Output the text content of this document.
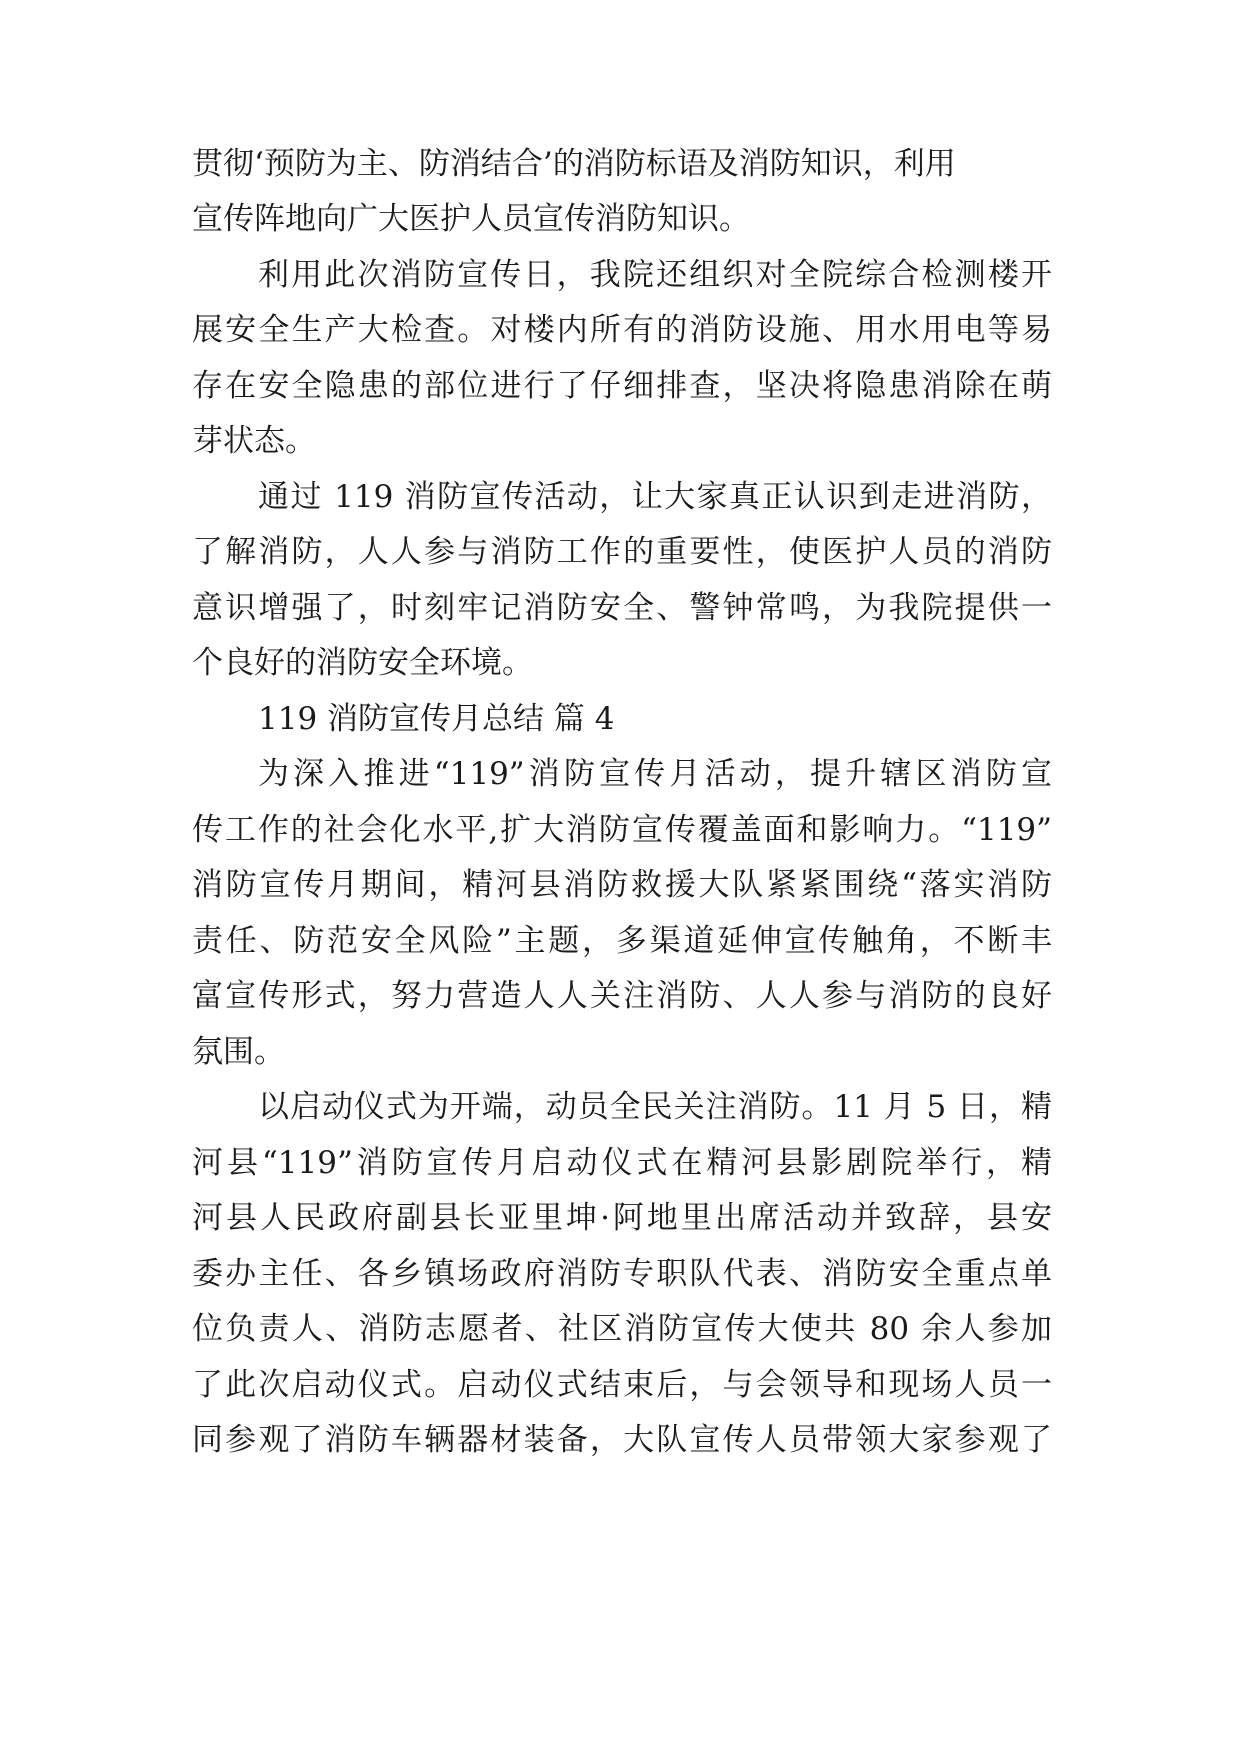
贯彻‘预防为主、防消结合’的消防标语及消防知识，利用
宣传阵地向广大医护人员宣传消防知识。
利用此次消防宣传日，我院还组织对全院综合检测楼开
展安全生产大检查。对楼内所有的消防设施、用水用电等易
存在安全隐患的部位进行了仔细排查，坚决将隐患消除在萌
芽状态。
通过 119 消防宣传活动，让大家真正认识到走进消防，
了解消防，人人参与消防工作的重要性，使医护人员的消防
意识增强了，时刻牢记消防安全、警钟常鸣，为我院提供一
个良好的消防安全环境。
119 消防宣传月总结 篇 4
为深入推进“119”消防宣传月活动，提升辖区消防宣
传工作的社会化水平,扩大消防宣传覆盖面和影响力。“119”
消防宣传月期间，精河县消防救援大队紧紧围绕“落实消防
责任、防范安全风险”主题，多渠道延伸宣传触角，不断丰
富宣传形式，努力营造人人关注消防、人人参与消防的良好
氛围。
以启动仪式为开端，动员全民关注消防。11 月 5 日，精
河县“119”消防宣传月启动仪式在精河县影剧院举行，精
河县人民政府副县长亚里坤·阿地里出席活动并致辞，县安
委办主任、各乡镇场政府消防专职队代表、消防安全重点单
位负责人、消防志愿者、社区消防宣传大使共 80 余人参加
了此次启动仪式。启动仪式结束后，与会领导和现场人员一
同参观了消防车辆器材装备，大队宣传人员带领大家参观了
